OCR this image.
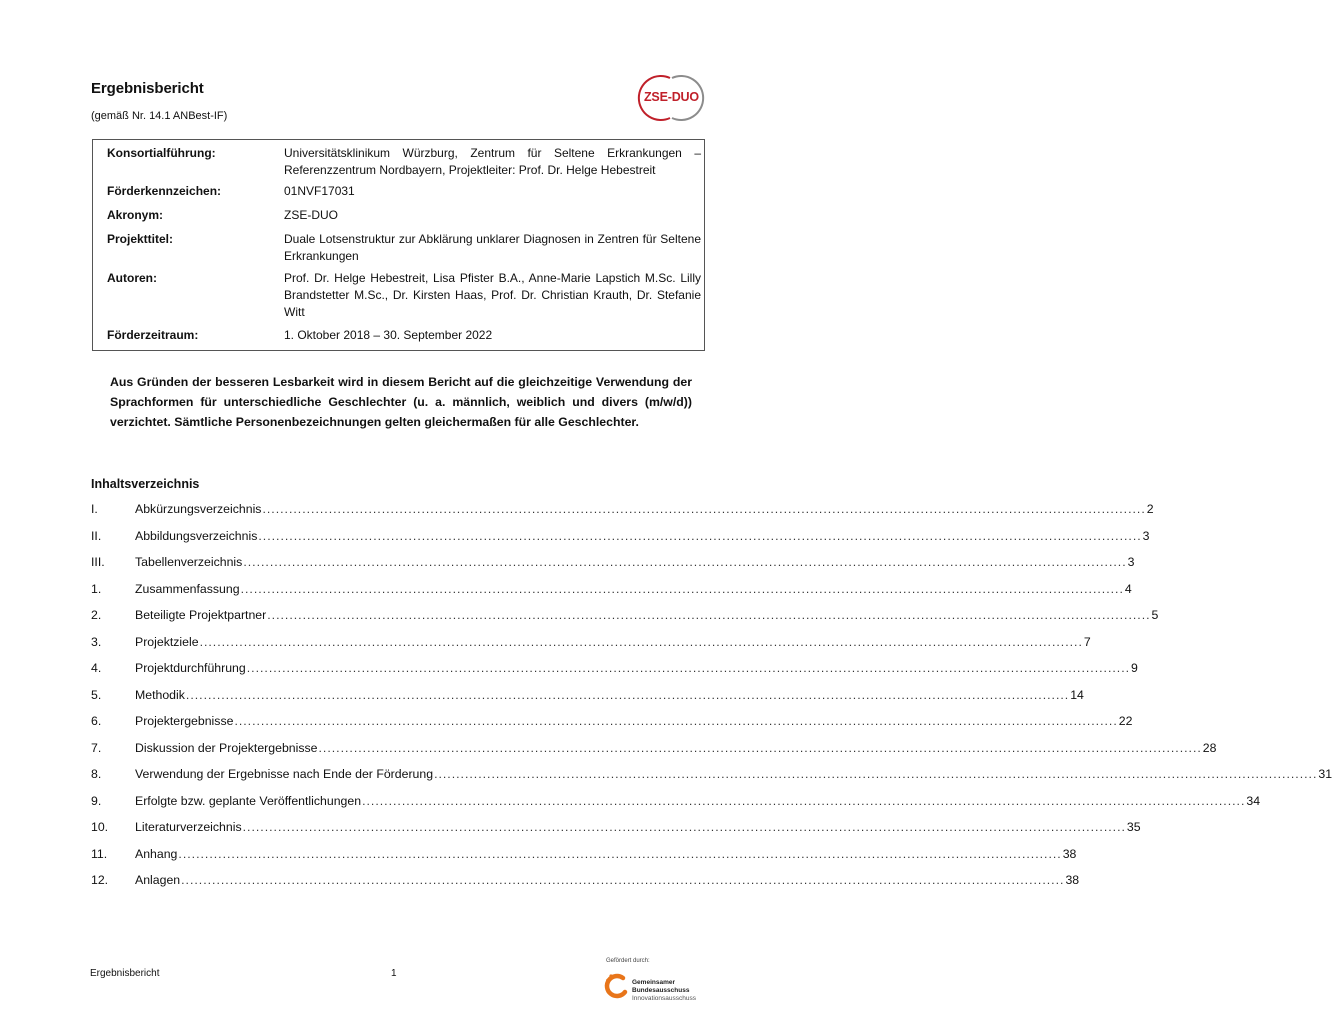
Ergebnisbericht
(gemäß Nr. 14.1 ANBest-IF)
ZSE-DUO
Konsortialführung:	Universitätsklinikum Würzburg, Zentrum für Seltene Erkrankungen – Referenzzentrum Nordbayern, Projektleiter: Prof. Dr. Helge Hebestreit
Förderkennzeichen:	01NVF17031
Akronym:	ZSE-DUO
Projekttitel:	Duale Lotsenstruktur zur Abklärung unklarer Diagnosen in Zentren für Seltene Erkrankungen
Autoren:	Prof. Dr. Helge Hebestreit, Lisa Pfister B.A., Anne-Marie Lapstich M.Sc. Lilly Brandstetter M.Sc., Dr. Kirsten Haas, Prof. Dr. Christian Krauth, Dr. Stefanie Witt
Förderzeitraum:	1. Oktober 2018 – 30. September 2022
Aus Gründen der besseren Lesbarkeit wird in diesem Bericht auf die gleichzeitige Verwendung der Sprachformen für unterschiedliche Geschlechter (u. a. männlich, weiblich und divers (m/w/d)) verzichtet. Sämtliche Personenbezeichnungen gelten gleichermaßen für alle Geschlechter.
Inhaltsverzeichnis
I.	Abkürzungsverzeichnis ........................................................................................................................................................................................................ 2
II.	Abbildungsverzeichnis ........................................................................................................................................................................................................ 3
III.	Tabellenverzeichnis ........................................................................................................................................................................................................ 3
1.	Zusammenfassung ........................................................................................................................................................................................................ 4
2.	Beteiligte Projektpartner ........................................................................................................................................................................................................ 5
3.	Projektziele ........................................................................................................................................................................................................ 7
4.	Projektdurchführung ........................................................................................................................................................................................................ 9
5.	Methodik ........................................................................................................................................................................................................ 14
6.	Projektergebnisse ........................................................................................................................................................................................................ 22
7.	Diskussion der Projektergebnisse ........................................................................................................................................................................................................ 28
8.	Verwendung der Ergebnisse nach Ende der Förderung ........................................................................................................................................................................................................ 31
9.	Erfolgte bzw. geplante Veröffentlichungen ........................................................................................................................................................................................................ 34
10.	Literaturverzeichnis ........................................................................................................................................................................................................ 35
11.	Anhang ........................................................................................................................................................................................................ 38
12.	Anlagen ........................................................................................................................................................................................................ 38
Ergebnisbericht	1
Gefördert durch:
Gemeinsamer
Bundesausschuss
Innovationsausschuss
